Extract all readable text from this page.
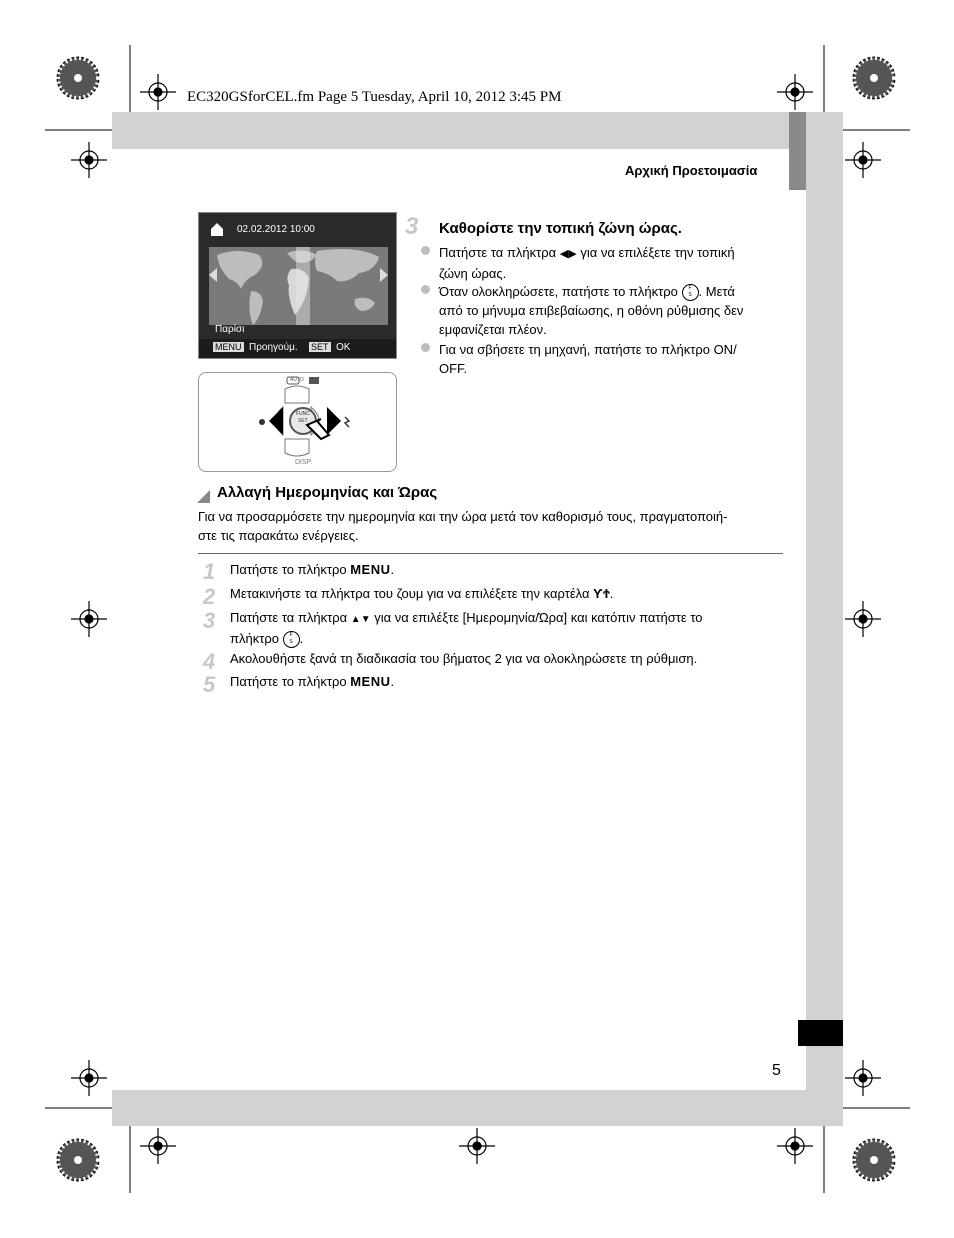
EC320GSforCEL.fm Page 5 Tuesday, April 10, 2012 3:45 PM
Αρχική Προετοιμασία
02.02.2012 10:00
Παρίσι
MENU Προηγούμ. SET OK
AUTO
DISP.
FUNC
SET
3 Καθορίστε την τοπική ζώνη ώρας.
Πατήστε τα πλήκτρα ◀▶ για να επιλέξετε την τοπική
ζώνη ώρας.
Όταν ολοκληρώσετε, πατήστε το πλήκτρο F
S . Μετά
από το μήνυμα επιβεβαίωσης, η οθόνη ρύθμισης δεν
εμφανίζεται πλέον.
Για να σβήσετε τη μηχανή, πατήστε το πλήκτρο ON/
OFF.
Αλλαγή Ημερομηνίας και Ώρας
Για να προσαρμόσετε την ημερομηνία και την ώρα μετά τον καθορισμό τους, πραγματοποιή-
στε τις παρακάτω ενέργειες.
1 Πατήστε το πλήκτρο MENU.
2 Μετακινήστε τα πλήκτρα του ζουμ για να επιλέξετε την καρτέλα ƳϮ.
3 Πατήστε τα πλήκτρα ▲▼ για να επιλέξτε [Ημερομηνία/Ώρα] και κατόπιν πατήστε το
πλήκτρο F
S .
4 Ακολουθήστε ξανά τη διαδικασία του βήματος 2 για να ολοκληρώσετε τη ρύθμιση.
5 Πατήστε το πλήκτρο MENU.
5
